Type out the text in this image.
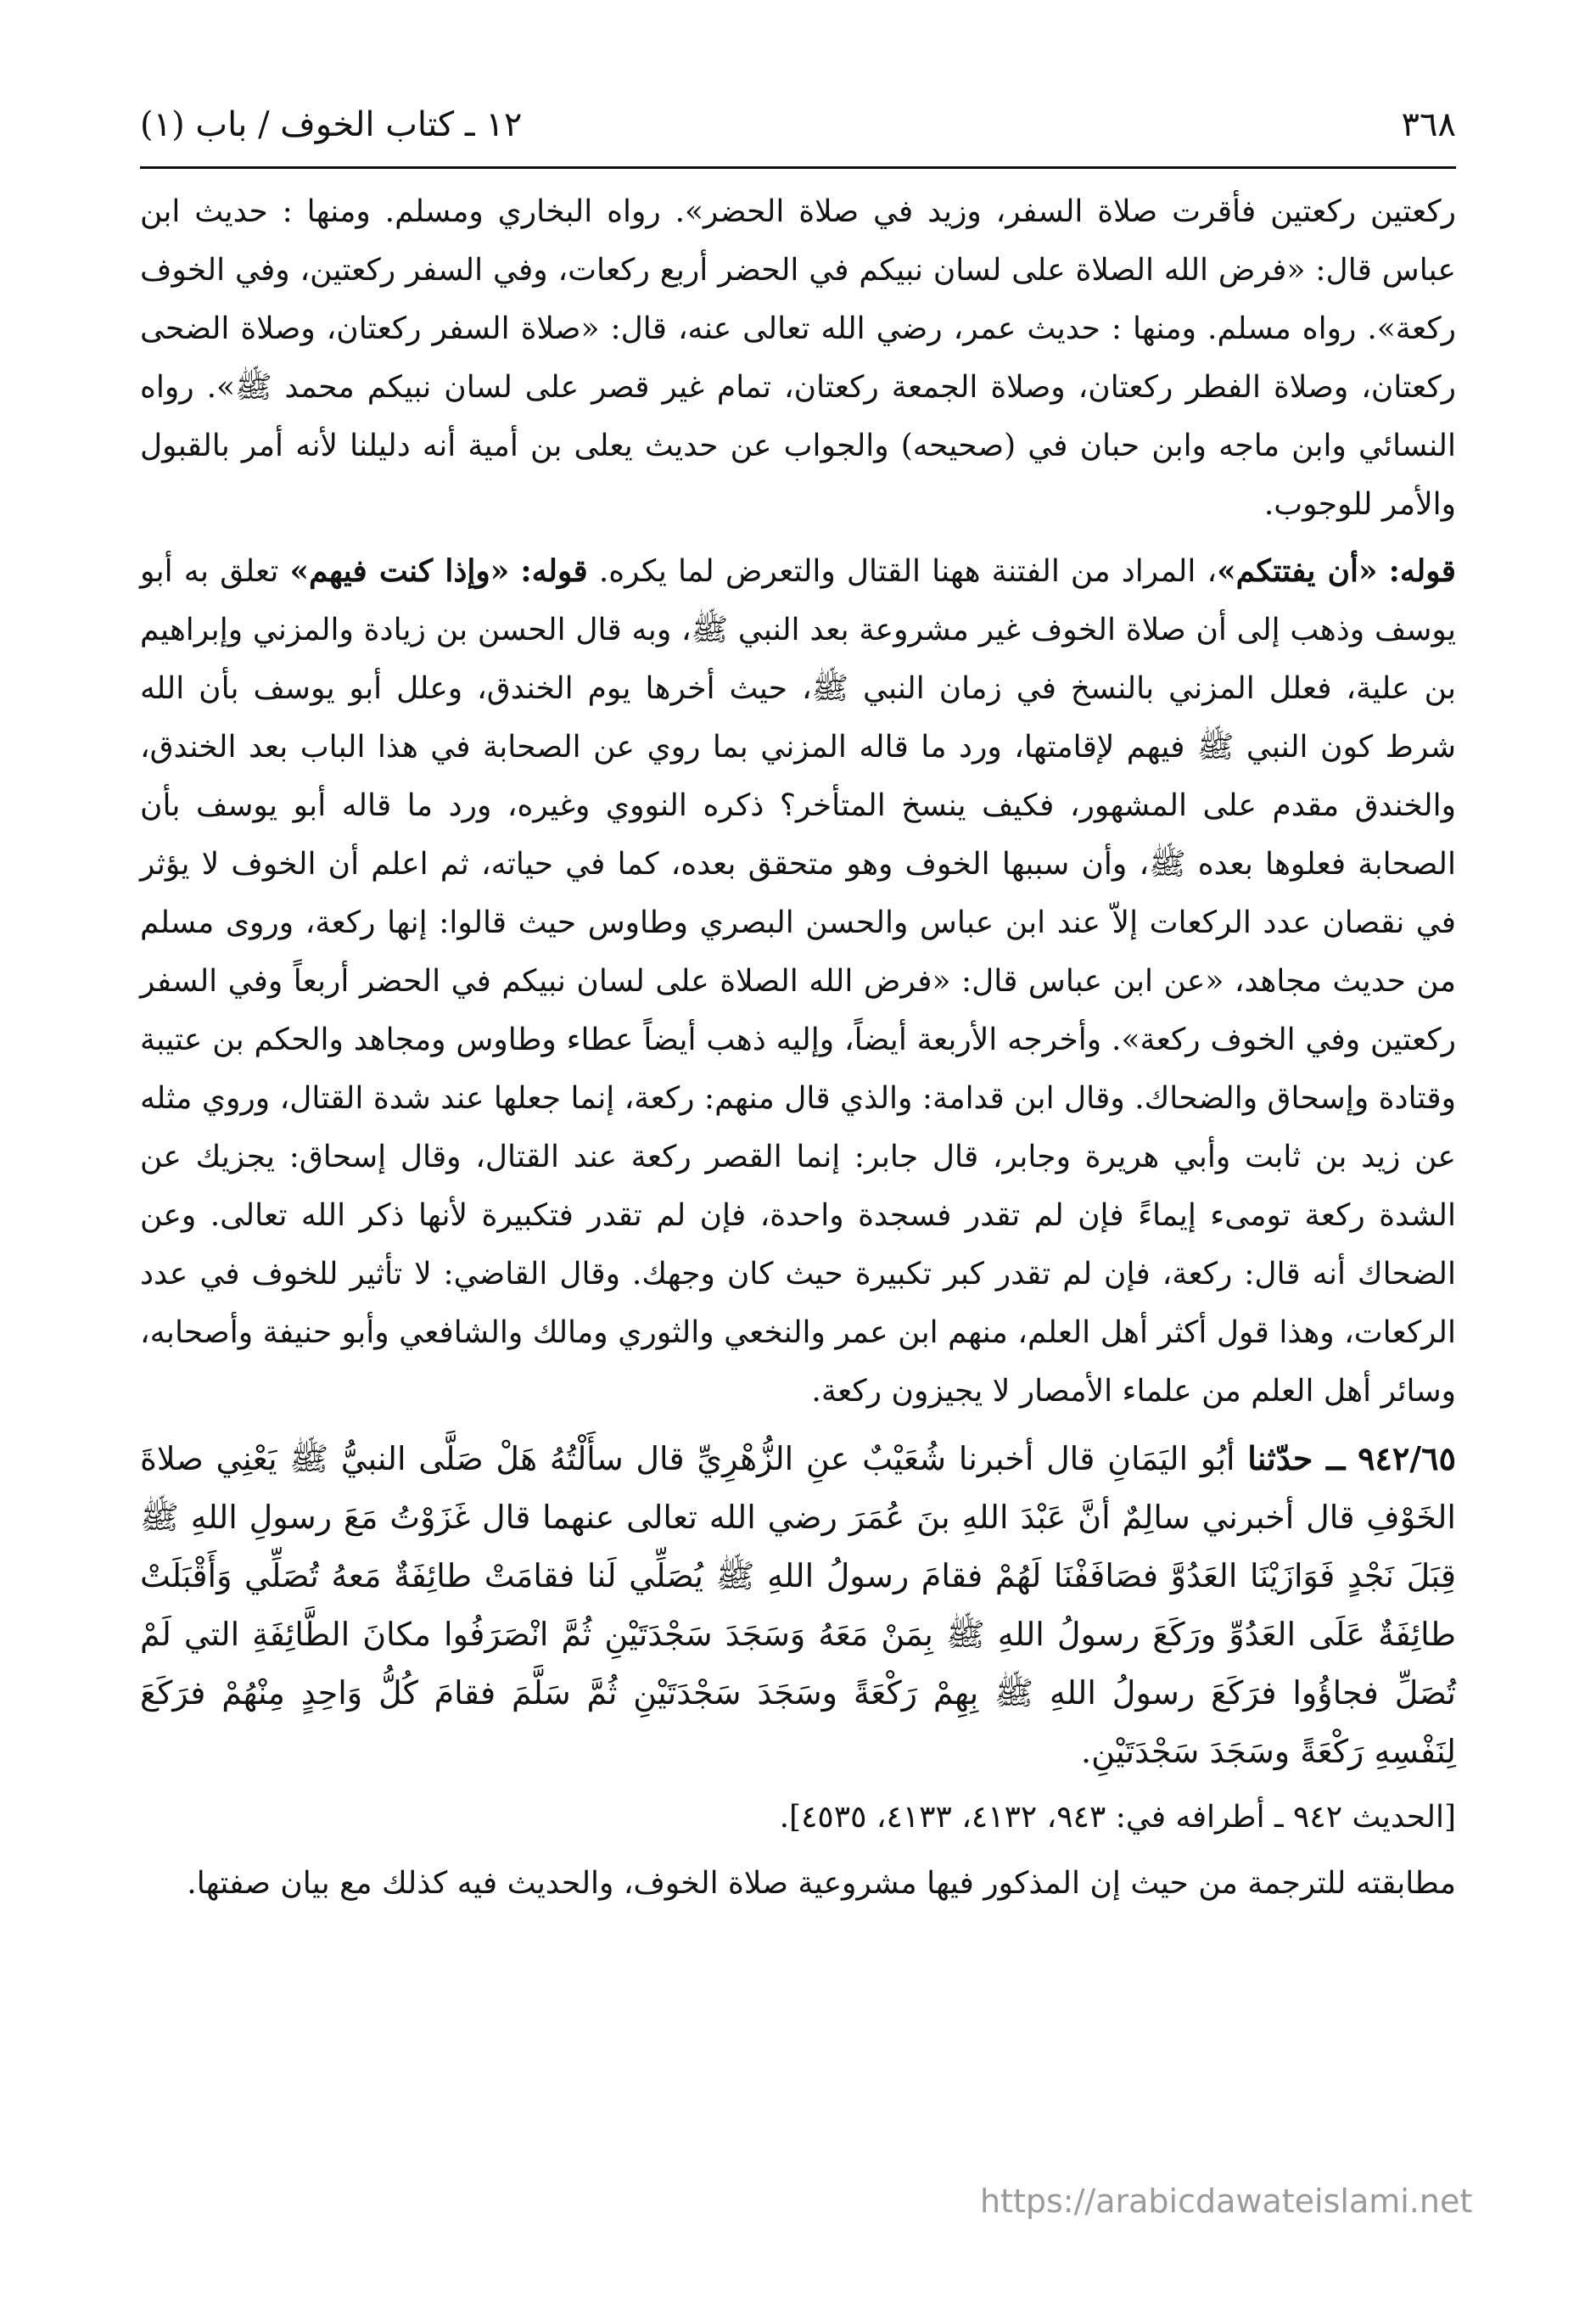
٣٦٨
١٢ ـ كتاب الخوف / باب (١)

ركعتين ركعتين فأقرت صلاة السفر، وزيد في صلاة الحضر». رواه البخاري ومسلم. ومنها : حديث ابن عباس قال: «فرض الله الصلاة على لسان نبيكم في الحضر أربع ركعات، وفي السفر ركعتين، وفي الخوف ركعة». رواه مسلم. ومنها : حديث عمر، رضي الله تعالى عنه، قال: «صلاة السفر ركعتان، وصلاة الضحى ركعتان، وصلاة الفطر ركعتان، وصلاة الجمعة ركعتان، تمام غير قصر على لسان نبيكم محمد ﷺ». رواه النسائي وابن ماجه وابن حبان في (صحيحه) والجواب عن حديث يعلى بن أمية أنه دليلنا لأنه أمر بالقبول والأمر للوجوب.

قوله: «أن يفتتكم»، المراد من الفتنة ههنا القتال والتعرض لما يكره. قوله: «وإذا كنت فيهم» تعلق به أبو يوسف وذهب إلى أن صلاة الخوف غير مشروعة بعد النبي ﷺ، وبه قال الحسن بن زيادة والمزني وإبراهيم بن علية، فعلل المزني بالنسخ في زمان النبي ﷺ، حيث أخرها يوم الخندق، وعلل أبو يوسف بأن الله شرط كون النبي ﷺ فيهم لإقامتها، ورد ما قاله المزني بما روي عن الصحابة في هذا الباب بعد الخندق، والخندق مقدم على المشهور، فكيف ينسخ المتأخر؟ ذكره النووي وغيره، ورد ما قاله أبو يوسف بأن الصحابة فعلوها بعده ﷺ، وأن سببها الخوف وهو متحقق بعده، كما في حياته، ثم اعلم أن الخوف لا يؤثر في نقصان عدد الركعات إلاّ عند ابن عباس والحسن البصري وطاوس حيث قالوا: إنها ركعة، وروى مسلم من حديث مجاهد، «عن ابن عباس قال: «فرض الله الصلاة على لسان نبيكم في الحضر أربعاً وفي السفر ركعتين وفي الخوف ركعة». وأخرجه الأربعة أيضاً، وإليه ذهب أيضاً عطاء وطاوس ومجاهد والحكم بن عتيبة وقتادة وإسحاق والضحاك. وقال ابن قدامة: والذي قال منهم: ركعة، إنما جعلها عند شدة القتال، وروي مثله عن زيد بن ثابت وأبي هريرة وجابر، قال جابر: إنما القصر ركعة عند القتال، وقال إسحاق: يجزيك عن الشدة ركعة تومىء إيماءً فإن لم تقدر فسجدة واحدة، فإن لم تقدر فتكبيرة لأنها ذكر الله تعالى. وعن الضحاك أنه قال: ركعة، فإن لم تقدر كبر تكبيرة حيث كان وجهك. وقال القاضي: لا تأثير للخوف في عدد الركعات، وهذا قول أكثر أهل العلم، منهم ابن عمر والنخعي والثوري ومالك والشافعي وأبو حنيفة وأصحابه، وسائر أهل العلم من علماء الأمصار لا يجيزون ركعة.

٩٤٢/٦٥ ــ حدّثنا أبُو اليَمَانِ قال أخبرنا شُعَيْبٌ عنِ الزُّهْرِيِّ قال سأَلْتُهُ هَلْ صَلَّى النبيُّ ﷺ يَعْنِي صلاةَ الخَوْفِ قال أخبرني سالِمٌ أنَّ عَبْدَ اللهِ بنَ عُمَرَ رضي الله تعالى عنهما قال غَزَوْتُ مَعَ رسولِ اللهِ ﷺ قِبَلَ نَجْدٍ فَوَازَيْنَا العَدُوَّ فصَافَفْنَا لَهُمْ فقامَ رسولُ اللهِ ﷺ يُصَلِّي لَنا فقامَتْ طائِفَةٌ مَعهُ تُصَلِّي وَأَقْبَلَتْ طائِفَةٌ عَلَى العَدُوِّ ورَكَعَ رسولُ اللهِ ﷺ بِمَنْ مَعَهُ وَسَجَدَ سَجْدَتَيْنِ ثُمَّ انْصَرَفُوا مكانَ الطَّائِفَةِ التي لَمْ تُصَلِّ فجاؤُوا فرَكَعَ رسولُ اللهِ ﷺ بِهِمْ رَكْعَةً وسَجَدَ سَجْدَتَيْنِ ثُمَّ سَلَّمَ فقامَ كُلُّ وَاحِدٍ مِنْهُمْ فرَكَعَ لِنَفْسِهِ رَكْعَةً وسَجَدَ سَجْدَتَيْنِ.

[الحديث ٩٤٢ ـ أطرافه في: ٩٤٣، ٤١٣٢، ٤١٣٣، ٤٥٣٥].

مطابقته للترجمة من حيث إن المذكور فيها مشروعية صلاة الخوف، والحديث فيه كذلك مع بيان صفتها.

https://arabicdawateislami.net
